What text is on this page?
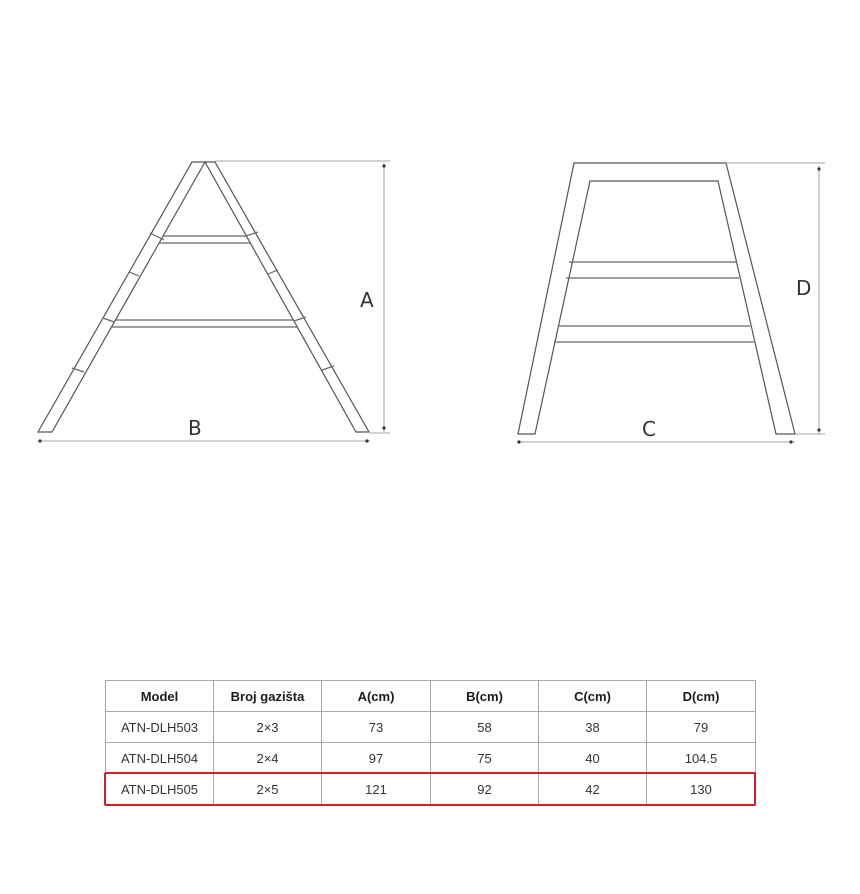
A
B
D
C
Model	Broj gazišta	A(cm)	B(cm)	C(cm)	D(cm)
ATN-DLH503	2×3	73	58	38	79
ATN-DLH504	2×4	97	75	40	104.5
ATN-DLH505	2×5	121	92	42	130
